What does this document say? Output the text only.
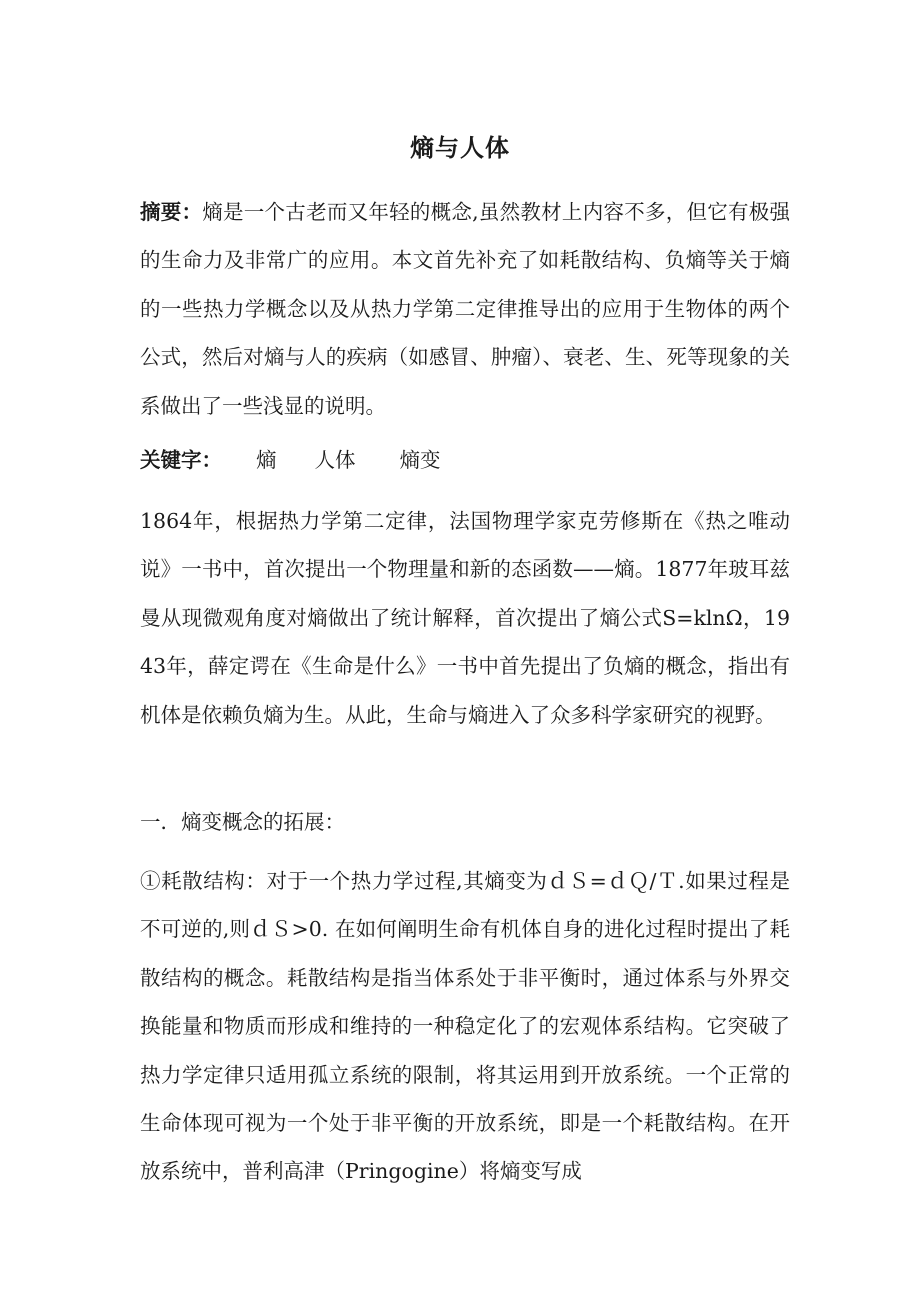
熵与人体

摘要：熵是一个古老而又年轻的概念,虽然教材上内容不多，但它有极强的生命力及非常广的应用。本文首先补充了如耗散结构、负熵等关于熵的一些热力学概念以及从热力学第二定律推导出的应用于生物体的两个公式，然后对熵与人的疾病（如感冒、肿瘤）、衰老、生、死等现象的关系做出了一些浅显的说明。

关键字： 熵 人体 熵变

1864年，根据热力学第二定律，法国物理学家克劳修斯在《热之唯动说》一书中，首次提出一个物理量和新的态函数——熵。1877年玻耳兹曼从现微观角度对熵做出了统计解释，首次提出了熵公式S=klnΩ，1943年，薛定谔在《生命是什么》一书中首先提出了负熵的概念，指出有机体是依赖负熵为生。从此，生命与熵进入了众多科学家研究的视野。

一．熵变概念的拓展：

①耗散结构：对于一个热力学过程,其熵变为ｄＳ=ｄＱ/Ｔ.如果过程是不可逆的,则ｄＳ>0. 在如何阐明生命有机体自身的进化过程时提出了耗散结构的概念。耗散结构是指当体系处于非平衡时，通过体系与外界交换能量和物质而形成和维持的一种稳定化了的宏观体系结构。它突破了热力学定律只适用孤立系统的限制，将其运用到开放系统。一个正常的生命体现可视为一个处于非平衡的开放系统，即是一个耗散结构。在开放系统中，普利高津（Pringogine）将熵变写成
